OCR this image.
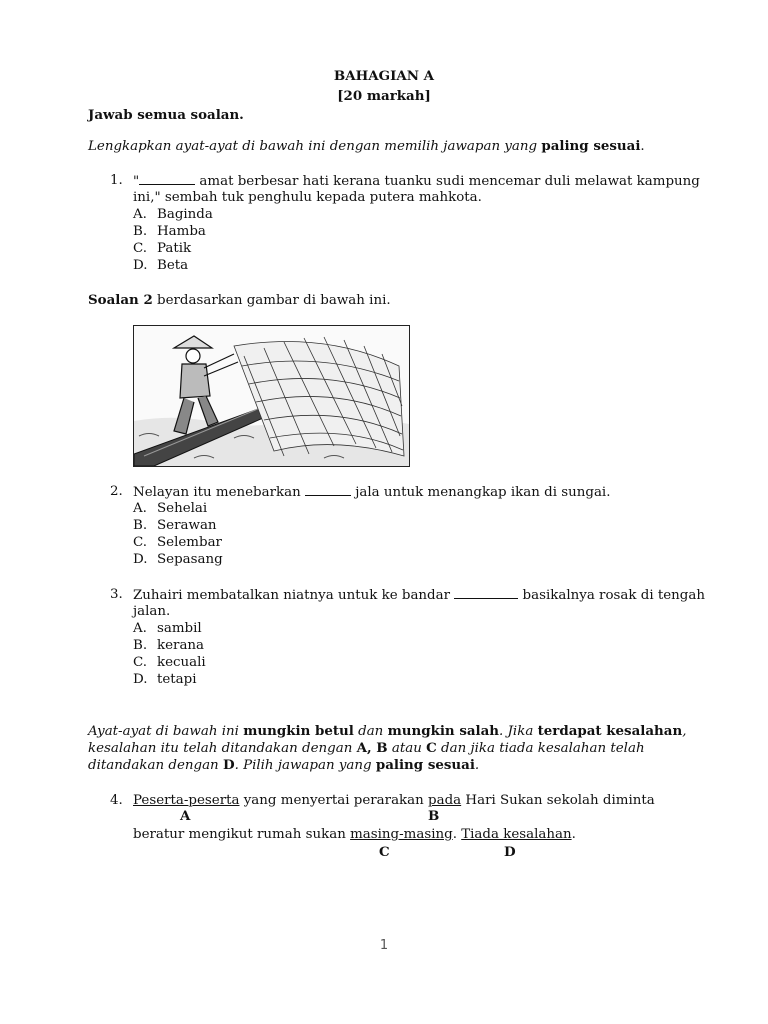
BAHAGIAN A
[20 markah]
Jawab semua soalan.
Lengkapkan ayat-ayat di bawah ini dengan memilih jawapan yang paling sesuai.
1. "	amat berbesar hati kerana tuanku sudi mencemar duli melawat kampung
ini," sembah tuk penghulu kepada putera mahkota.
A. Baginda
B. Hamba
C. Patik
D. Beta
Soalan 2 berdasarkan gambar di bawah ini.
2. Nelayan itu menebarkan	jala untuk menangkap ikan di sungai.
A. Sehelai
B. Serawan
C. Selembar
D. Sepasang
3. Zuhairi membatalkan niatnya untuk ke bandar	basikalnya rosak di tengah
jalan.
A. sambil
B. kerana
C. kecuali
D. tetapi
Ayat-ayat di bawah ini mungkin betul dan mungkin salah. Jika terdapat kesalahan,
kesalahan itu telah ditandakan dengan A, B atau C dan jika tiada kesalahan telah
ditandakan dengan D. Pilih jawapan yang paling sesuai.
4. Peserta-peserta yang menyertai perarakan pada Hari Sukan sekolah diminta
A	B
beratur mengikut rumah sukan masing-masing. Tiada kesalahan.
C	D
1
